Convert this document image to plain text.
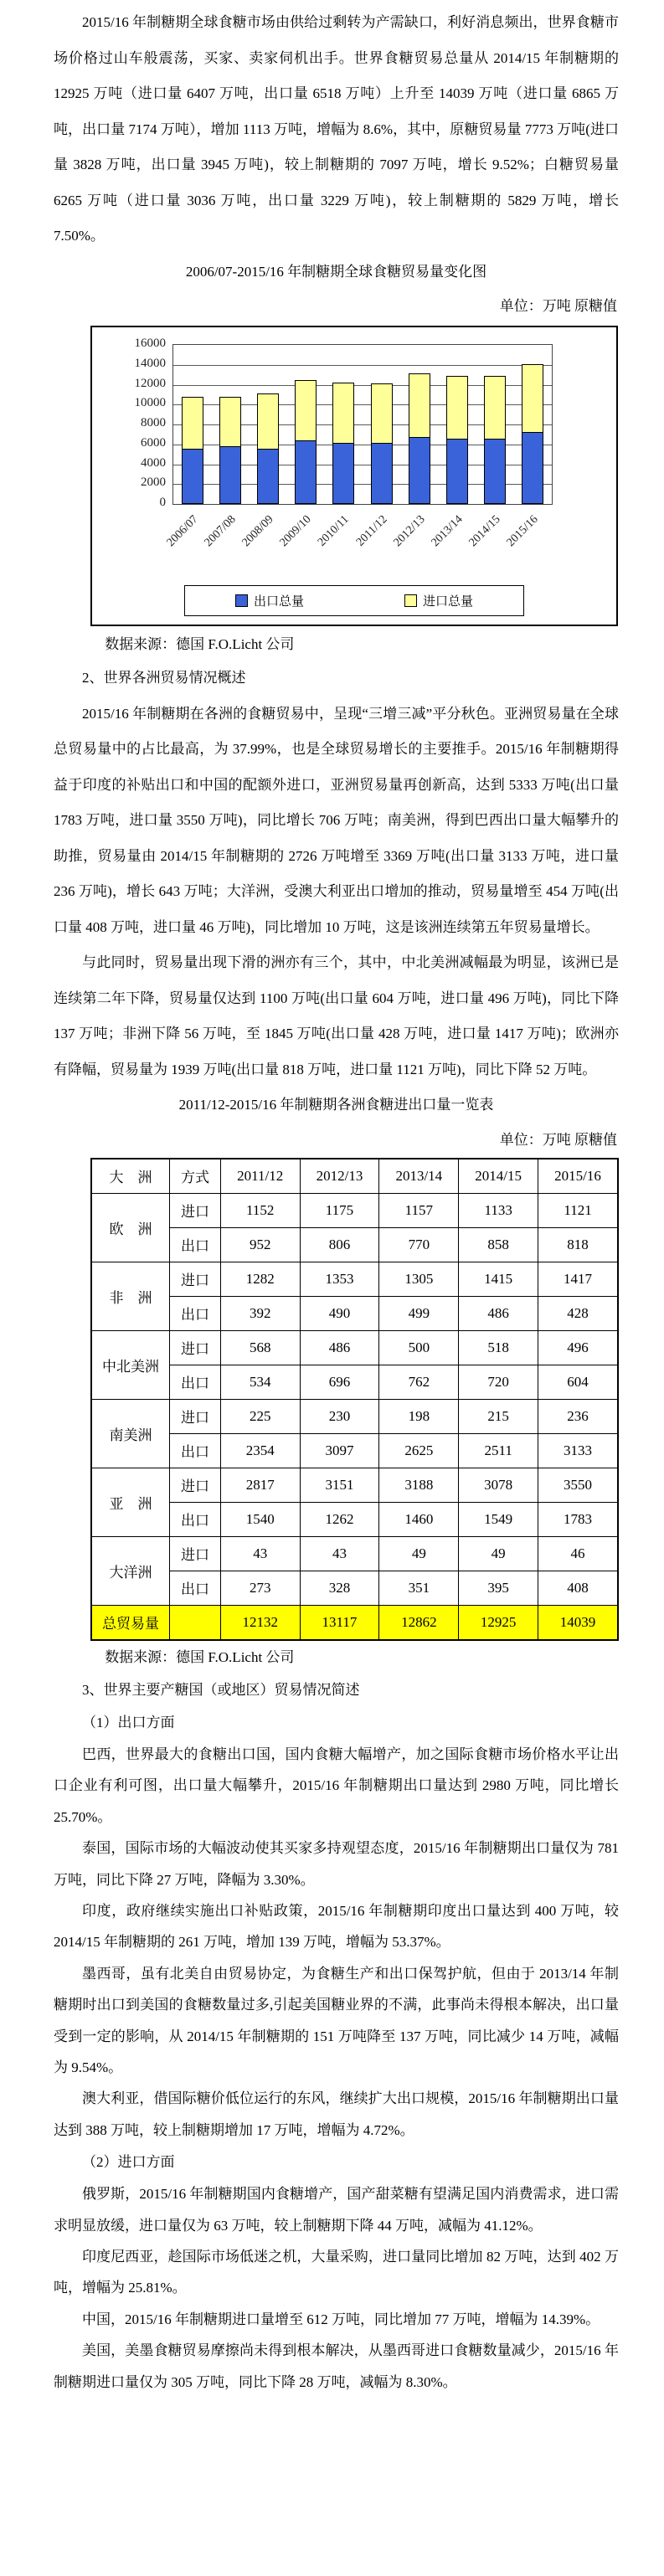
2015/16 年制糖期全球食糖市场由供给过剩转为产需缺口，利好消息频出，世界食糖市场价格过山车般震荡，买家、卖家伺机出手。世界食糖贸易总量从 2014/15 年制糖期的 12925 万吨（进口量 6407 万吨，出口量 6518 万吨）上升至 14039 万吨（进口量 6865 万吨，出口量 7174 万吨），增加 1113 万吨，增幅为 8.6%，其中，原糖贸易量 7773 万吨(进口量 3828 万吨，出口量 3945 万吨)，较上制糖期的 7097 万吨，增长 9.52%；白糖贸易量 6265 万吨（进口量 3036 万吨，出口量 3229 万吨)，较上制糖期的 5829 万吨，增长 7.50%。

2006/07-2015/16 年制糖期全球食糖贸易量变化图

单位：万吨 原糖值

0
2000
4000
6000
8000
10000
12000
14000
16000
2006/07 2007/08 2008/09 2009/10 2010/11 2011/12 2012/13 2013/14 2014/15 2015/16
出口总量	进口总量

数据来源：德国 F.O.Licht 公司

2、世界各洲贸易情况概述

2015/16 年制糖期在各洲的食糖贸易中，呈现“三增三减”平分秋色。亚洲贸易量在全球总贸易量中的占比最高，为 37.99%，也是全球贸易增长的主要推手。2015/16 年制糖期得益于印度的补贴出口和中国的配额外进口，亚洲贸易量再创新高，达到 5333 万吨(出口量 1783 万吨，进口量 3550 万吨)，同比增长 706 万吨；南美洲，得到巴西出口量大幅攀升的助推，贸易量由 2014/15 年制糖期的 2726 万吨增至 3369 万吨(出口量 3133 万吨，进口量 236 万吨)，增长 643 万吨；大洋洲，受澳大利亚出口增加的推动，贸易量增至 454 万吨(出口量 408 万吨，进口量 46 万吨)，同比增加 10 万吨，这是该洲连续第五年贸易量增长。

与此同时，贸易量出现下滑的洲亦有三个，其中，中北美洲减幅最为明显，该洲已是连续第二年下降，贸易量仅达到 1100 万吨(出口量 604 万吨，进口量 496 万吨)，同比下降 137 万吨；非洲下降 56 万吨，至 1845 万吨(出口量 428 万吨，进口量 1417 万吨)；欧洲亦有降幅，贸易量为 1939 万吨(出口量 818 万吨，进口量 1121 万吨)，同比下降 52 万吨。

2011/12-2015/16 年制糖期各洲食糖进出口量一览表

单位：万吨 原糖值

大　洲	方式	2011/12	2012/13	2013/14	2014/15	2015/16
欧　洲	进口	1152	1175	1157	1133	1121
	出口	952	806	770	858	818
非　洲	进口	1282	1353	1305	1415	1417
	出口	392	490	499	486	428
中北美洲	进口	568	486	500	518	496
	出口	534	696	762	720	604
南美洲	进口	225	230	198	215	236
	出口	2354	3097	2625	2511	3133
亚　洲	进口	2817	3151	3188	3078	3550
	出口	1540	1262	1460	1549	1783
大洋洲	进口	43	43	49	49	46
	出口	273	328	351	395	408
总贸易量		12132	13117	12862	12925	14039

数据来源：德国 F.O.Licht 公司

3、世界主要产糖国（或地区）贸易情况简述

（1）出口方面

巴西，世界最大的食糖出口国，国内食糖大幅增产，加之国际食糖市场价格水平让出口企业有利可图，出口量大幅攀升，2015/16 年制糖期出口量达到 2980 万吨，同比增长 25.70%。

泰国，国际市场的大幅波动使其买家多持观望态度，2015/16 年制糖期出口量仅为 781 万吨，同比下降 27 万吨，降幅为 3.30%。

印度，政府继续实施出口补贴政策，2015/16 年制糖期印度出口量达到 400 万吨，较 2014/15 年制糖期的 261 万吨，增加 139 万吨，增幅为 53.37%。

墨西哥，虽有北美自由贸易协定，为食糖生产和出口保驾护航，但由于 2013/14 年制糖期时出口到美国的食糖数量过多,引起美国糖业界的不满，此事尚未得根本解决，出口量受到一定的影响，从 2014/15 年制糖期的 151 万吨降至 137 万吨，同比减少 14 万吨，减幅为 9.54%。

澳大利亚，借国际糖价低位运行的东风，继续扩大出口规模，2015/16 年制糖期出口量达到 388 万吨，较上制糖期增加 17 万吨，增幅为 4.72%。

（2）进口方面

俄罗斯，2015/16 年制糖期国内食糖增产，国产甜菜糖有望满足国内消费需求，进口需求明显放缓，进口量仅为 63 万吨，较上制糖期下降 44 万吨，减幅为 41.12%。

印度尼西亚，趁国际市场低迷之机，大量采购，进口量同比增加 82 万吨，达到 402 万吨，增幅为 25.81%。

中国，2015/16 年制糖期进口量增至 612 万吨，同比增加 77 万吨，增幅为 14.39%。

美国，美墨食糖贸易摩擦尚未得到根本解决，从墨西哥进口食糖数量减少，2015/16 年制糖期进口量仅为 305 万吨，同比下降 28 万吨，减幅为 8.30%。
